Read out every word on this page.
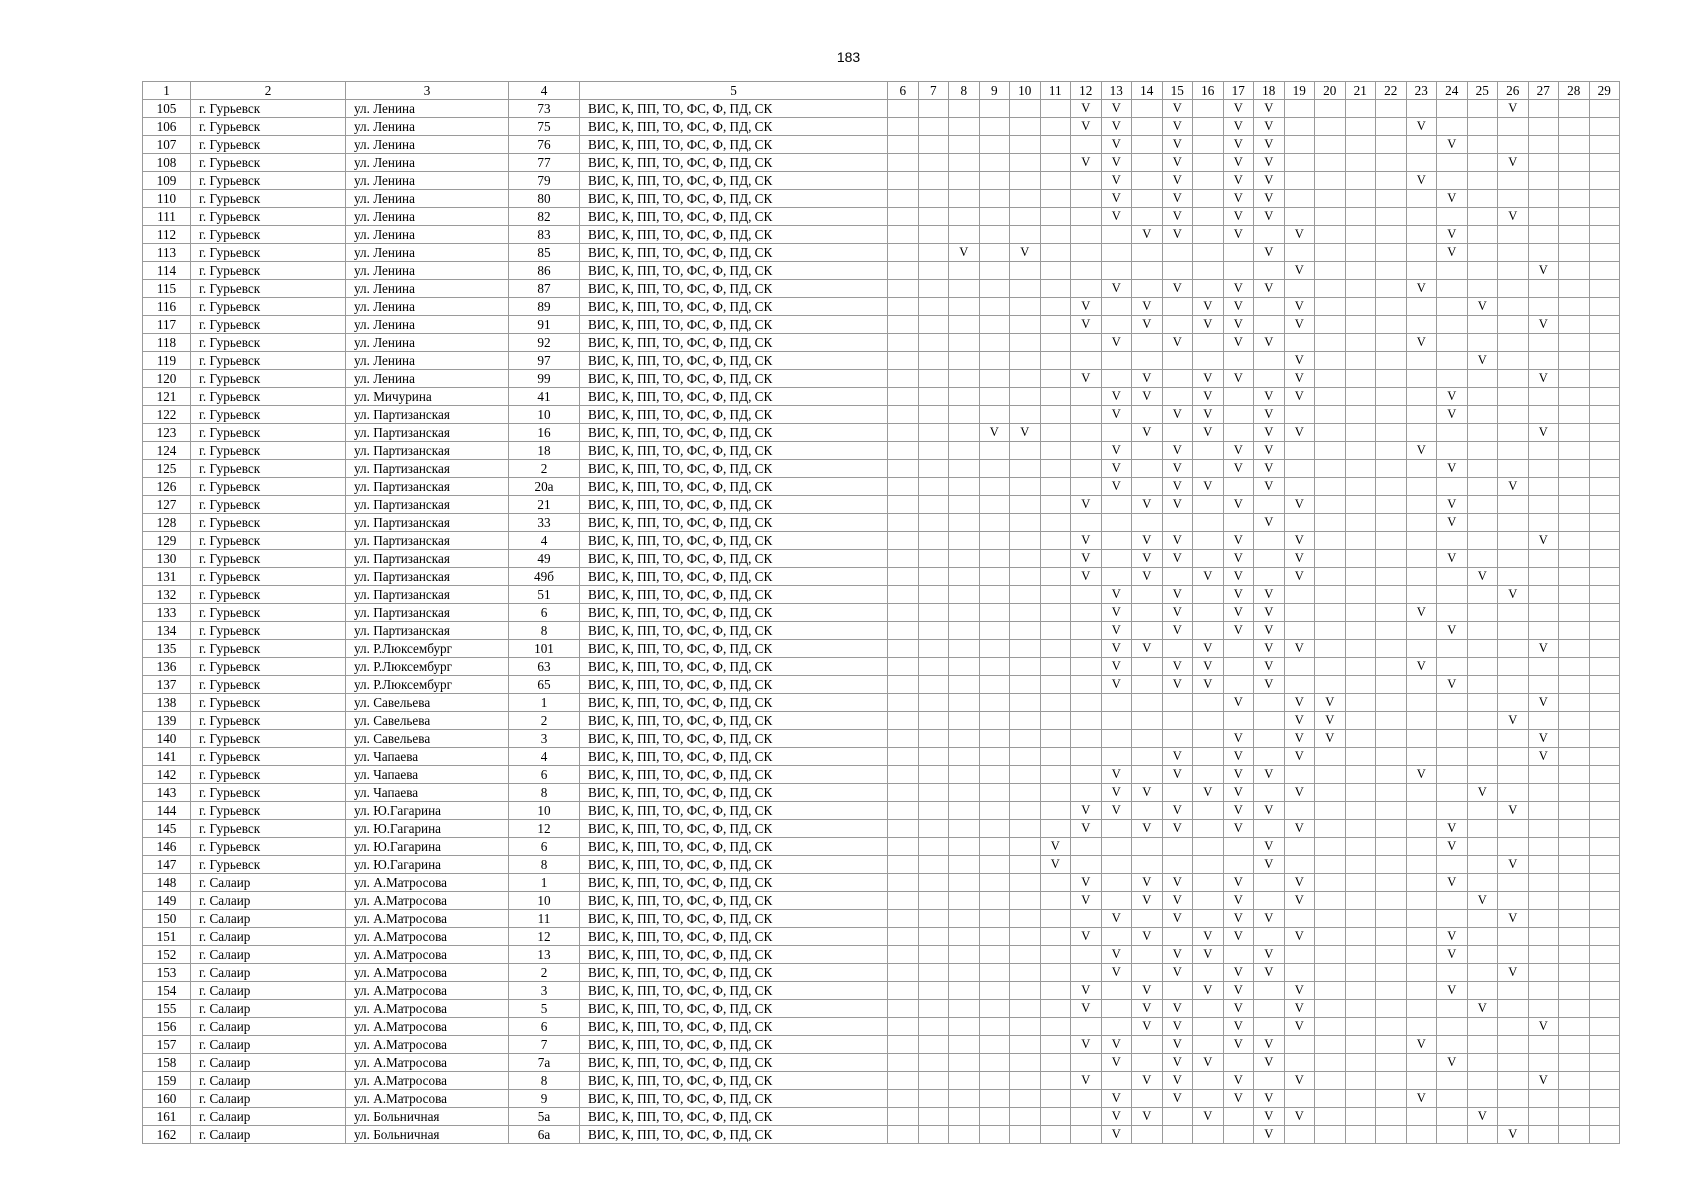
183
1	2	3	4	5	6	7	8	9	10	11	12	13	14	15	16	17	18	19	20	21	22	23	24	25	26	27	28	29
105	г. Гурьевск	ул. Ленина	73	ВИС, К, ПП, ТО, ФС, Ф, ПД, СК							V	V		V		V	V								V			
106	г. Гурьевск	ул. Ленина	75	ВИС, К, ПП, ТО, ФС, Ф, ПД, СК							V	V		V		V	V					V						
107	г. Гурьевск	ул. Ленина	76	ВИС, К, ПП, ТО, ФС, Ф, ПД, СК								V		V		V	V						V					
108	г. Гурьевск	ул. Ленина	77	ВИС, К, ПП, ТО, ФС, Ф, ПД, СК							V	V		V		V	V								V			
109	г. Гурьевск	ул. Ленина	79	ВИС, К, ПП, ТО, ФС, Ф, ПД, СК								V		V		V	V					V						
110	г. Гурьевск	ул. Ленина	80	ВИС, К, ПП, ТО, ФС, Ф, ПД, СК								V		V		V	V						V					
111	г. Гурьевск	ул. Ленина	82	ВИС, К, ПП, ТО, ФС, Ф, ПД, СК								V		V		V	V								V			
112	г. Гурьевск	ул. Ленина	83	ВИС, К, ПП, ТО, ФС, Ф, ПД, СК									V	V		V		V					V					
113	г. Гурьевск	ул. Ленина	85	ВИС, К, ПП, ТО, ФС, Ф, ПД, СК			V		V								V						V					
114	г. Гурьевск	ул. Ленина	86	ВИС, К, ПП, ТО, ФС, Ф, ПД, СК														V								V		
115	г. Гурьевск	ул. Ленина	87	ВИС, К, ПП, ТО, ФС, Ф, ПД, СК								V		V		V	V					V						
116	г. Гурьевск	ул. Ленина	89	ВИС, К, ПП, ТО, ФС, Ф, ПД, СК							V		V		V	V		V						V				
117	г. Гурьевск	ул. Ленина	91	ВИС, К, ПП, ТО, ФС, Ф, ПД, СК							V		V		V	V		V								V		
118	г. Гурьевск	ул. Ленина	92	ВИС, К, ПП, ТО, ФС, Ф, ПД, СК								V		V		V	V					V						
119	г. Гурьевск	ул. Ленина	97	ВИС, К, ПП, ТО, ФС, Ф, ПД, СК														V						V				
120	г. Гурьевск	ул. Ленина	99	ВИС, К, ПП, ТО, ФС, Ф, ПД, СК							V		V		V	V		V								V		
121	г. Гурьевск	ул. Мичурина	41	ВИС, К, ПП, ТО, ФС, Ф, ПД, СК								V	V		V		V	V					V					
122	г. Гурьевск	ул. Партизанская	10	ВИС, К, ПП, ТО, ФС, Ф, ПД, СК								V		V	V		V						V					
123	г. Гурьевск	ул. Партизанская	16	ВИС, К, ПП, ТО, ФС, Ф, ПД, СК				V	V				V		V		V	V								V		
124	г. Гурьевск	ул. Партизанская	18	ВИС, К, ПП, ТО, ФС, Ф, ПД, СК								V		V		V	V					V						
125	г. Гурьевск	ул. Партизанская	2	ВИС, К, ПП, ТО, ФС, Ф, ПД, СК								V		V		V	V						V					
126	г. Гурьевск	ул. Партизанская	20а	ВИС, К, ПП, ТО, ФС, Ф, ПД, СК								V		V	V		V								V			
127	г. Гурьевск	ул. Партизанская	21	ВИС, К, ПП, ТО, ФС, Ф, ПД, СК							V		V	V		V		V					V					
128	г. Гурьевск	ул. Партизанская	33	ВИС, К, ПП, ТО, ФС, Ф, ПД, СК													V						V					
129	г. Гурьевск	ул. Партизанская	4	ВИС, К, ПП, ТО, ФС, Ф, ПД, СК							V		V	V		V		V								V		
130	г. Гурьевск	ул. Партизанская	49	ВИС, К, ПП, ТО, ФС, Ф, ПД, СК							V		V	V		V		V					V					
131	г. Гурьевск	ул. Партизанская	49б	ВИС, К, ПП, ТО, ФС, Ф, ПД, СК							V		V		V	V		V						V				
132	г. Гурьевск	ул. Партизанская	51	ВИС, К, ПП, ТО, ФС, Ф, ПД, СК								V		V		V	V								V			
133	г. Гурьевск	ул. Партизанская	6	ВИС, К, ПП, ТО, ФС, Ф, ПД, СК								V		V		V	V					V						
134	г. Гурьевск	ул. Партизанская	8	ВИС, К, ПП, ТО, ФС, Ф, ПД, СК								V		V		V	V						V					
135	г. Гурьевск	ул. Р.Люксембург	101	ВИС, К, ПП, ТО, ФС, Ф, ПД, СК								V	V		V		V	V								V		
136	г. Гурьевск	ул. Р.Люксембург	63	ВИС, К, ПП, ТО, ФС, Ф, ПД, СК								V		V	V		V					V						
137	г. Гурьевск	ул. Р.Люксембург	65	ВИС, К, ПП, ТО, ФС, Ф, ПД, СК								V		V	V		V						V					
138	г. Гурьевск	ул. Савельева	1	ВИС, К, ПП, ТО, ФС, Ф, ПД, СК												V		V	V							V		
139	г. Гурьевск	ул. Савельева	2	ВИС, К, ПП, ТО, ФС, Ф, ПД, СК														V	V						V			
140	г. Гурьевск	ул. Савельева	3	ВИС, К, ПП, ТО, ФС, Ф, ПД, СК												V		V	V							V		
141	г. Гурьевск	ул. Чапаева	4	ВИС, К, ПП, ТО, ФС, Ф, ПД, СК										V		V		V								V		
142	г. Гурьевск	ул. Чапаева	6	ВИС, К, ПП, ТО, ФС, Ф, ПД, СК								V		V		V	V					V						
143	г. Гурьевск	ул. Чапаева	8	ВИС, К, ПП, ТО, ФС, Ф, ПД, СК								V	V		V	V		V						V				
144	г. Гурьевск	ул. Ю.Гагарина	10	ВИС, К, ПП, ТО, ФС, Ф, ПД, СК							V	V		V		V	V								V			
145	г. Гурьевск	ул. Ю.Гагарина	12	ВИС, К, ПП, ТО, ФС, Ф, ПД, СК							V		V	V		V		V					V					
146	г. Гурьевск	ул. Ю.Гагарина	6	ВИС, К, ПП, ТО, ФС, Ф, ПД, СК						V							V						V					
147	г. Гурьевск	ул. Ю.Гагарина	8	ВИС, К, ПП, ТО, ФС, Ф, ПД, СК						V							V								V			
148	г. Салаир	ул. А.Матросова	1	ВИС, К, ПП, ТО, ФС, Ф, ПД, СК							V		V	V		V		V					V					
149	г. Салаир	ул. А.Матросова	10	ВИС, К, ПП, ТО, ФС, Ф, ПД, СК							V		V	V		V		V						V				
150	г. Салаир	ул. А.Матросова	11	ВИС, К, ПП, ТО, ФС, Ф, ПД, СК								V		V		V	V								V			
151	г. Салаир	ул. А.Матросова	12	ВИС, К, ПП, ТО, ФС, Ф, ПД, СК							V		V		V	V		V					V					
152	г. Салаир	ул. А.Матросова	13	ВИС, К, ПП, ТО, ФС, Ф, ПД, СК								V		V	V		V						V					
153	г. Салаир	ул. А.Матросова	2	ВИС, К, ПП, ТО, ФС, Ф, ПД, СК								V		V		V	V								V			
154	г. Салаир	ул. А.Матросова	3	ВИС, К, ПП, ТО, ФС, Ф, ПД, СК							V		V		V	V		V					V					
155	г. Салаир	ул. А.Матросова	5	ВИС, К, ПП, ТО, ФС, Ф, ПД, СК							V		V	V		V		V						V				
156	г. Салаир	ул. А.Матросова	6	ВИС, К, ПП, ТО, ФС, Ф, ПД, СК									V	V		V		V								V		
157	г. Салаир	ул. А.Матросова	7	ВИС, К, ПП, ТО, ФС, Ф, ПД, СК							V	V		V		V	V					V						
158	г. Салаир	ул. А.Матросова	7а	ВИС, К, ПП, ТО, ФС, Ф, ПД, СК								V		V	V		V						V					
159	г. Салаир	ул. А.Матросова	8	ВИС, К, ПП, ТО, ФС, Ф, ПД, СК							V		V	V		V		V								V		
160	г. Салаир	ул. А.Матросова	9	ВИС, К, ПП, ТО, ФС, Ф, ПД, СК								V		V		V	V					V						
161	г. Салаир	ул. Больничная	5а	ВИС, К, ПП, ТО, ФС, Ф, ПД, СК								V	V		V		V	V						V				
162	г. Салаир	ул. Больничная	6а	ВИС, К, ПП, ТО, ФС, Ф, ПД, СК								V					V								V			
